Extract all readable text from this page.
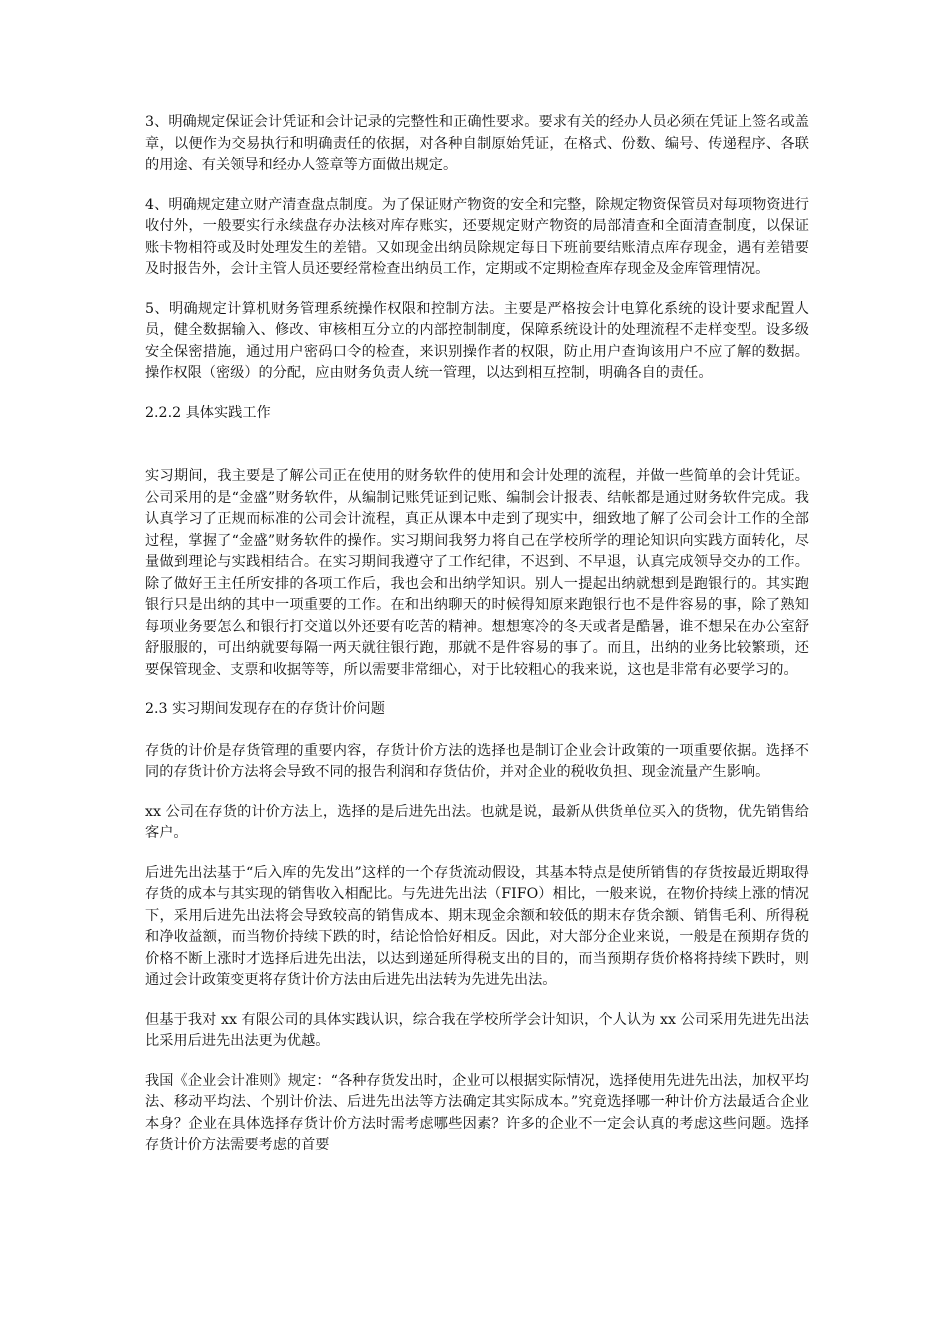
3、明确规定保证会计凭证和会计记录的完整性和正确性要求。要求有关的经办人员必须在凭证上签名或盖章，以便作为交易执行和明确责任的依据，对各种自制原始凭证，在格式、份数、编号、传递程序、各联的用途、有关领导和经办人签章等方面做出规定。

4、明确规定建立财产清查盘点制度。为了保证财产物资的安全和完整，除规定物资保管员对每项物资进行收付外，一般要实行永续盘存办法核对库存账实，还要规定财产物资的局部清查和全面清查制度，以保证账卡物相符或及时处理发生的差错。又如现金出纳员除规定每日下班前要结账清点库存现金，遇有差错要及时报告外，会计主管人员还要经常检查出纳员工作，定期或不定期检查库存现金及金库管理情况。

5、明确规定计算机财务管理系统操作权限和控制方法。主要是严格按会计电算化系统的设计要求配置人员，健全数据输入、修改、审核相互分立的内部控制制度，保障系统设计的处理流程不走样变型。设多级安全保密措施，通过用户密码口令的检查，来识别操作者的权限，防止用户查询该用户不应了解的数据。操作权限（密级）的分配，应由财务负责人统一管理，以达到相互控制，明确各自的责任。

2.2.2 具体实践工作

实习期间，我主要是了解公司正在使用的财务软件的使用和会计处理的流程，并做一些简单的会计凭证。公司采用的是“金盛”财务软件，从编制记账凭证到记账、编制会计报表、结帐都是通过财务软件完成。我认真学习了正规而标准的公司会计流程，真正从课本中走到了现实中，细致地了解了公司会计工作的全部过程，掌握了“金盛”财务软件的操作。实习期间我努力将自己在学校所学的理论知识向实践方面转化，尽量做到理论与实践相结合。在实习期间我遵守了工作纪律，不迟到、不早退，认真完成领导交办的工作。  除了做好王主任所安排的各项工作后，我也会和出纳学知识。别人一提起出纳就想到是跑银行的。其实跑银行只是出纳的其中一项重要的工作。在和出纳聊天的时候得知原来跑银行也不是件容易的事，除了熟知每项业务要怎么和银行打交道以外还要有吃苦的精神。想想寒冷的冬天或者是酷暑，谁不想呆在办公室舒舒服服的，可出纳就要每隔一两天就往银行跑，那就不是件容易的事了。而且，出纳的业务比较繁琐，还要保管现金、支票和收据等等，所以需要非常细心，对于比较粗心的我来说，这也是非常有必要学习的。

2.3 实习期间发现存在的存货计价问题

存货的计价是存货管理的重要内容，存货计价方法的选择也是制订企业会计政策的一项重要依据。选择不同的存货计价方法将会导致不同的报告利润和存货估价，并对企业的税收负担、现金流量产生影响。

xx 公司在存货的计价方法上，选择的是后进先出法。也就是说，最新从供货单位买入的货物，优先销售给客户。

后进先出法基于“后入库的先发出”这样的一个存货流动假设，其基本特点是使所销售的存货按最近期取得存货的成本与其实现的销售收入相配比。与先进先出法（FIFO）相比，一般来说，在物价持续上涨的情况下，采用后进先出法将会导致较高的销售成本、期末现金余额和较低的期末存货余额、销售毛利、所得税和净收益额，而当物价持续下跌的时，结论恰恰好相反。因此，对大部分企业来说，一般是在预期存货的价格不断上涨时才选择后进先出法，以达到递延所得税支出的目的，而当预期存货价格将持续下跌时，则通过会计政策变更将存货计价方法由后进先出法转为先进先出法。

但基于我对 xx 有限公司的具体实践认识，综合我在学校所学会计知识，个人认为 xx 公司采用先进先出法比采用后进先出法更为优越。

我国《企业会计准则》规定：“各种存货发出时，企业可以根据实际情况，选择使用先进先出法，加权平均法、移动平均法、个别计价法、后进先出法等方法确定其实际成本。”究竟选择哪一种计价方法最适合企业本身？企业在具体选择存货计价方法时需考虑哪些因素？许多的企业不一定会认真的考虑这些问题。选择存货计价方法需要考虑的首要
